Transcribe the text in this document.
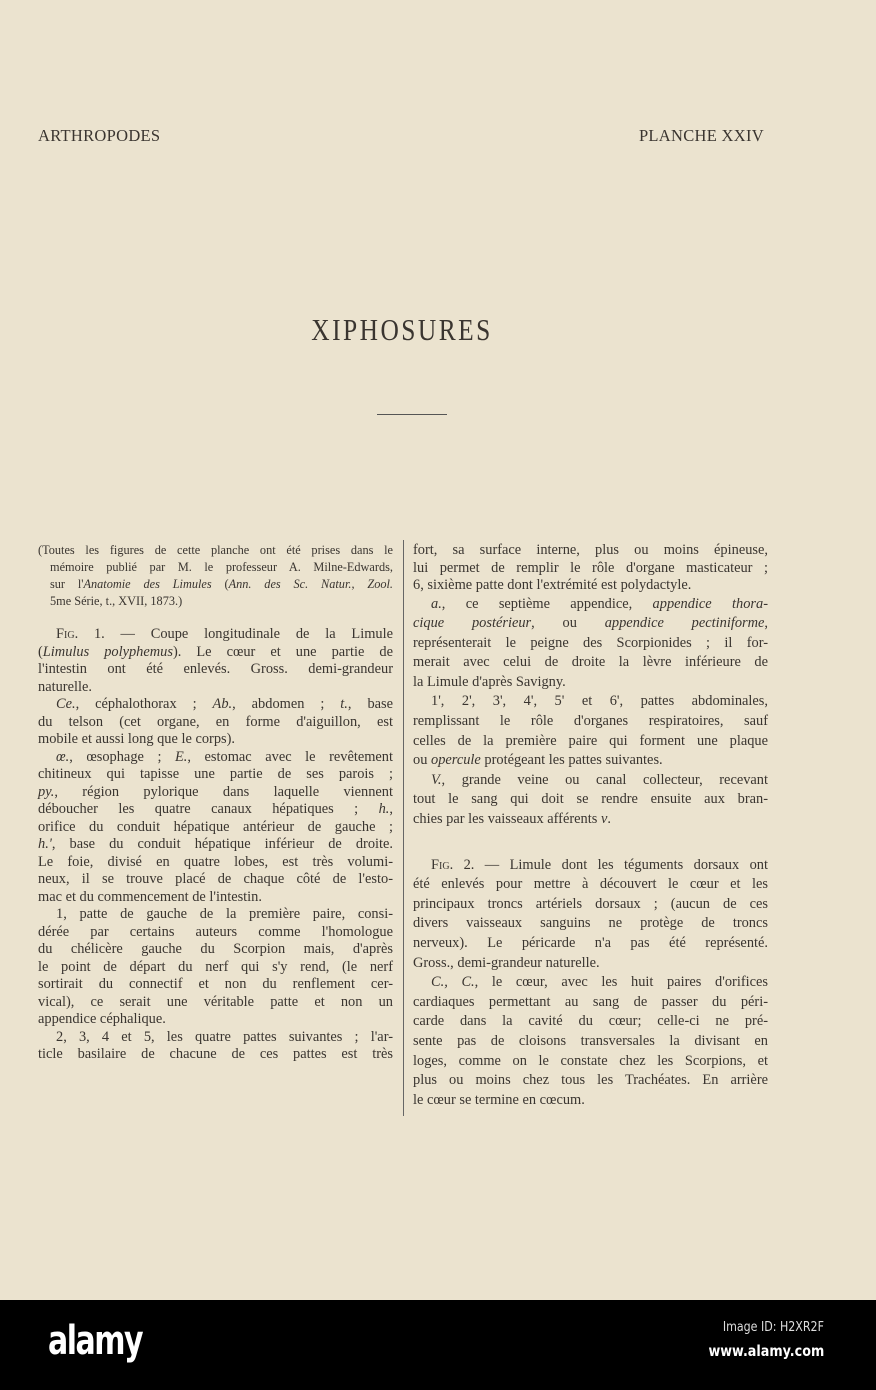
ARTHROPODES	PLANCHE XXIV
XIPHOSURES
(Toutes les figures de cette planche ont été prises dans le
mémoire publié par M. le professeur A. Milne-Edwards,
sur l'Anatomie des Limules (Ann. des Sc. Natur., Zool.
5me Série, t., XVII, 1873.)
Fig. 1. — Coupe longitudinale de la Limule
(Limulus polyphemus). Le cœur et une partie de
l'intestin ont été enlevés. Gross. demi-grandeur
naturelle.
Ce., céphalothorax ; Ab., abdomen ; t., base
du telson (cet organe, en forme d'aiguillon, est
mobile et aussi long que le corps).
œ., œsophage ; E., estomac avec le revêtement
chitineux qui tapisse une partie de ses parois ;
py., région pylorique dans laquelle viennent
déboucher les quatre canaux hépatiques ; h.,
orifice du conduit hépatique antérieur de gauche ;
h.', base du conduit hépatique inférieur de droite.
Le foie, divisé en quatre lobes, est très volumi-
neux, il se trouve placé de chaque côté de l'esto-
mac et du commencement de l'intestin.
1, patte de gauche de la première paire, consi-
dérée par certains auteurs comme l'homologue
du chélicère gauche du Scorpion mais, d'après
le point de départ du nerf qui s'y rend, (le nerf
sortirait du connectif et non du renflement cer-
vical), ce serait une véritable patte et non un
appendice céphalique.
2, 3, 4 et 5, les quatre pattes suivantes ; l'ar-
ticle basilaire de chacune de ces pattes est très
fort, sa surface interne, plus ou moins épineuse,
lui permet de remplir le rôle d'organe masticateur ;
6, sixième patte dont l'extrémité est polydactyle.
a., ce septième appendice, appendice thora-
cique postérieur, ou appendice pectiniforme,
représenterait le peigne des Scorpionides ; il for-
merait avec celui de droite la lèvre inférieure de
la Limule d'après Savigny.
1', 2', 3', 4', 5' et 6', pattes abdominales,
remplissant le rôle d'organes respiratoires, sauf
celles de la première paire qui forment une plaque
ou opercule protégeant les pattes suivantes.
V., grande veine ou canal collecteur, recevant
tout le sang qui doit se rendre ensuite aux bran-
chies par les vaisseaux afférents v.
Fig. 2. — Limule dont les téguments dorsaux ont
été enlevés pour mettre à découvert le cœur et les
principaux troncs artériels dorsaux ; (aucun de ces
divers vaisseaux sanguins ne protège de troncs
nerveux). Le péricarde n'a pas été représenté.
Gross., demi-grandeur naturelle.
C., C., le cœur, avec les huit paires d'orifices
cardiaques permettant au sang de passer du péri-
carde dans la cavité du cœur; celle-ci ne pré-
sente pas de cloisons transversales la divisant en
loges, comme on le constate chez les Scorpions, et
plus ou moins chez tous les Trachéates. En arrière
le cœur se termine en cœcum.
alamy	Image ID: H2XR2F
www.alamy.com
